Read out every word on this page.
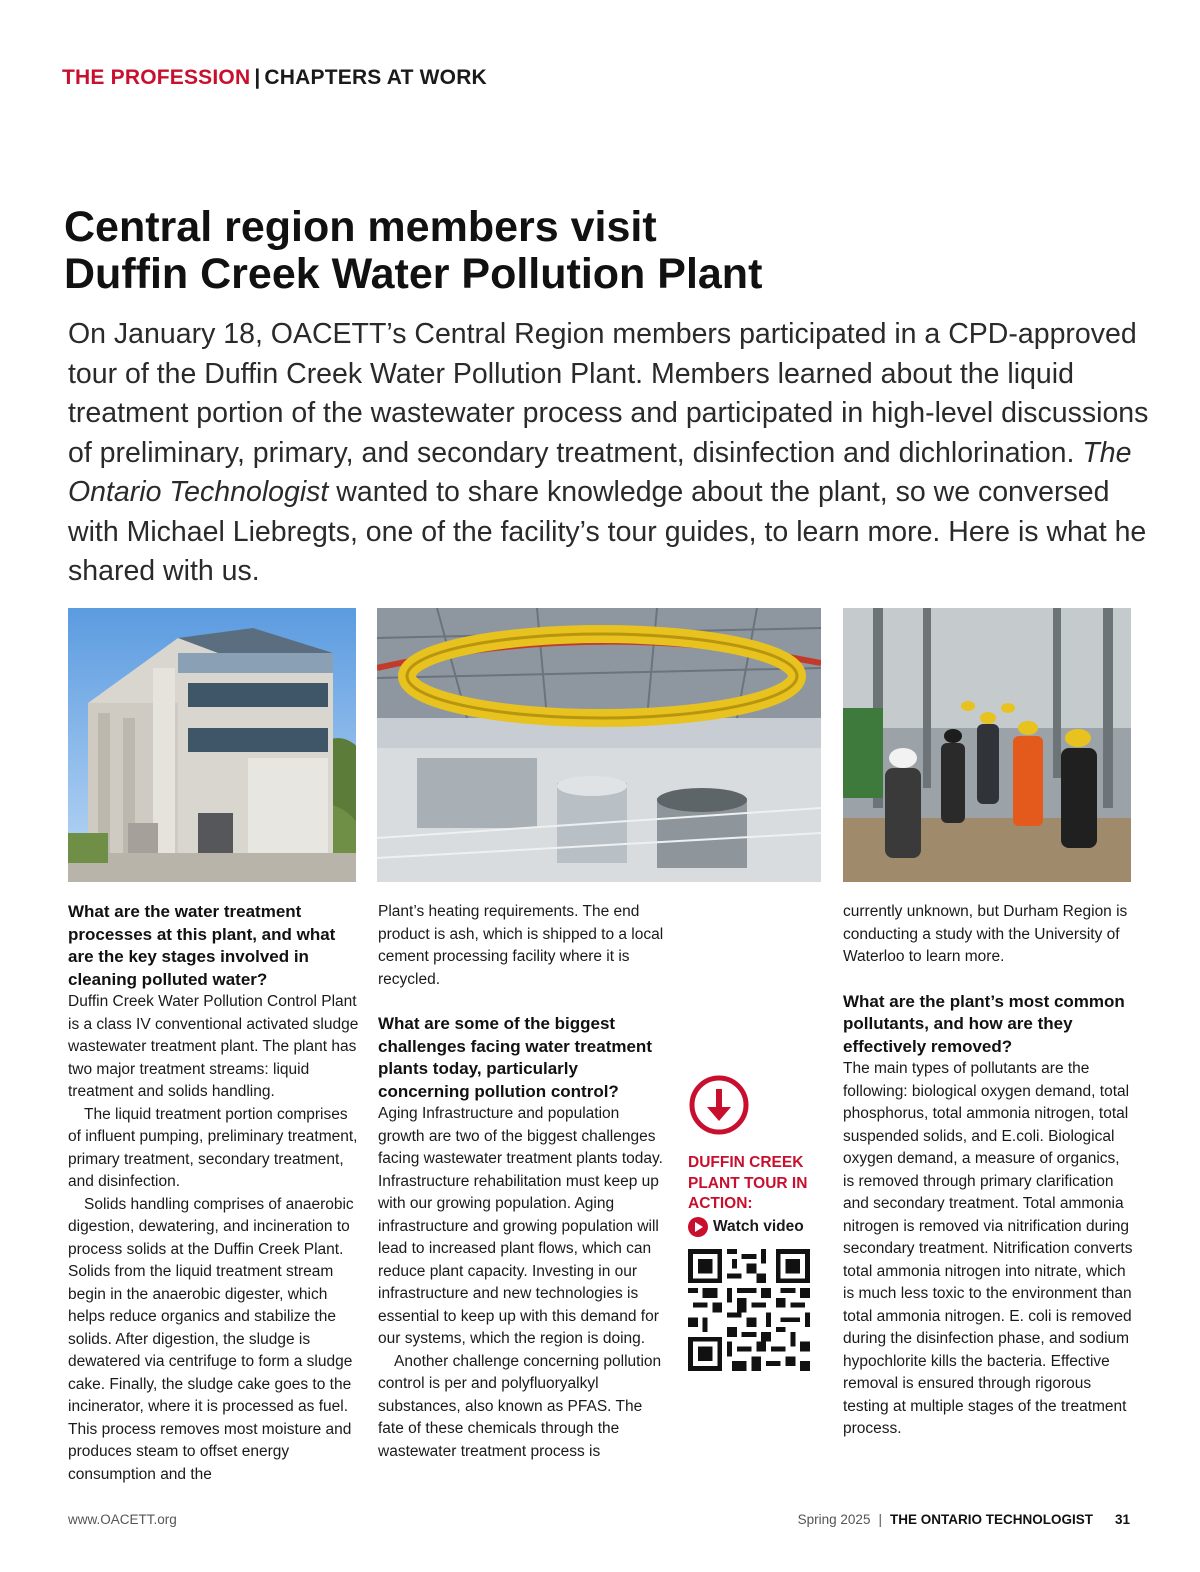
THE PROFESSION | CHAPTERS AT WORK
Central region members visit
Duffin Creek Water Pollution Plant

On January 18, OACETT’s Central Region members participated in a CPD-approved tour of the Duffin Creek Water Pollution Plant. Members learned about the liquid treatment portion of the wastewater process and participated in high-level discussions of preliminary, primary, and secondary treatment, disinfection and dichlorination. The Ontario Technologist wanted to share knowledge about the plant, so we conversed with Michael Liebregts, one of the facility’s tour guides, to learn more. Here is what he shared with us.

What are the water treatment processes at this plant, and what are the key stages involved in cleaning polluted water?

Duffin Creek Water Pollution Control Plant is a class IV conventional activated sludge wastewater treatment plant. The plant has two major treatment streams: liquid treatment and solids handling.

The liquid treatment portion comprises of influent pumping, preliminary treatment, primary treatment, secondary treatment, and disinfection.

Solids handling comprises of anaerobic digestion, dewatering, and incineration to process solids at the Duffin Creek Plant. Solids from the liquid treatment stream begin in the anaerobic digester, which helps reduce organics and stabilize the solids. After digestion, the sludge is dewatered via centrifuge to form a sludge cake. Finally, the sludge cake goes to the incinerator, where it is processed as fuel. This process removes most moisture and produces steam to offset energy consumption and the

Plant’s heating requirements. The end product is ash, which is shipped to a local cement processing facility where it is recycled.

What are some of the biggest challenges facing water treatment plants today, particularly concerning pollution control?

Aging Infrastructure and population growth are two of the biggest challenges facing wastewater treatment plants today. Infrastructure rehabilitation must keep up with our growing population. Aging infrastructure and growing population will lead to increased plant flows, which can reduce plant capacity. Investing in our infrastructure and new technologies is essential to keep up with this demand for our systems, which the region is doing.

Another challenge concerning pollution control is per and polyfluoryalkyl substances, also known as PFAS. The fate of these chemicals through the wastewater treatment process is

DUFFIN CREEK
PLANT TOUR IN
ACTION:
Watch video

currently unknown, but Durham Region is conducting a study with the University of Waterloo to learn more.

What are the plant’s most common pollutants, and how are they effectively removed?

The main types of pollutants are the following: biological oxygen demand, total phosphorus, total ammonia nitrogen, total suspended solids, and E.coli. Biological oxygen demand, a measure of organics, is removed through primary clarification and secondary treatment. Total ammonia nitrogen is removed via nitrification during secondary treatment. Nitrification converts total ammonia nitrogen into nitrate, which is much less toxic to the environment than total ammonia nitrogen. E. coli is removed during the disinfection phase, and sodium hypochlorite kills the bacteria. Effective removal is ensured through rigorous testing at multiple stages of the treatment process.

www.OACETT.org	Spring 2025 | THE ONTARIO TECHNOLOGIST 31
